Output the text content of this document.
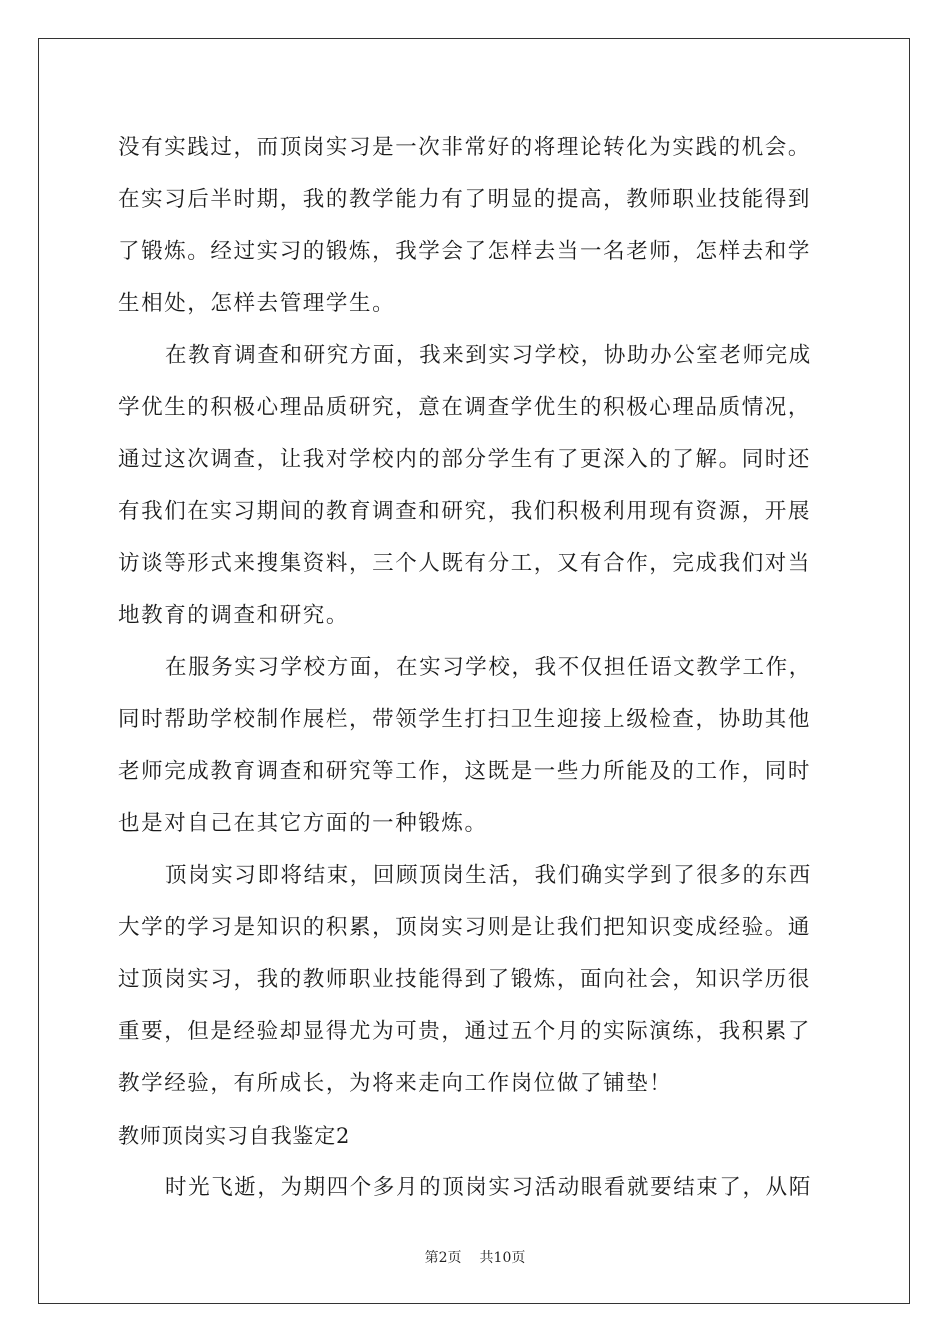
没有实践过，而顶岗实习是一次非常好的将理论转化为实践的机会。
在实习后半时期，我的教学能力有了明显的提高，教师职业技能得到
了锻炼。经过实习的锻炼，我学会了怎样去当一名老师，怎样去和学
生相处，怎样去管理学生。
在教育调查和研究方面，我来到实习学校，协助办公室老师完成
学优生的积极心理品质研究，意在调查学优生的积极心理品质情况，
通过这次调查，让我对学校内的部分学生有了更深入的了解。同时还
有我们在实习期间的教育调查和研究，我们积极利用现有资源，开展
访谈等形式来搜集资料，三个人既有分工，又有合作，完成我们对当
地教育的调查和研究。
在服务实习学校方面，在实习学校，我不仅担任语文教学工作，
同时帮助学校制作展栏，带领学生打扫卫生迎接上级检查，协助其他
老师完成教育调查和研究等工作，这既是一些力所能及的工作，同时
也是对自己在其它方面的一种锻炼。
顶岗实习即将结束，回顾顶岗生活，我们确实学到了很多的东西
大学的学习是知识的积累，顶岗实习则是让我们把知识变成经验。通
过顶岗实习，我的教师职业技能得到了锻炼，面向社会，知识学历很
重要，但是经验却显得尤为可贵，通过五个月的实际演练，我积累了
教学经验，有所成长，为将来走向工作岗位做了铺垫！
教师顶岗实习自我鉴定2
时光飞逝，为期四个多月的顶岗实习活动眼看就要结束了，从陌
第2页 共10页
